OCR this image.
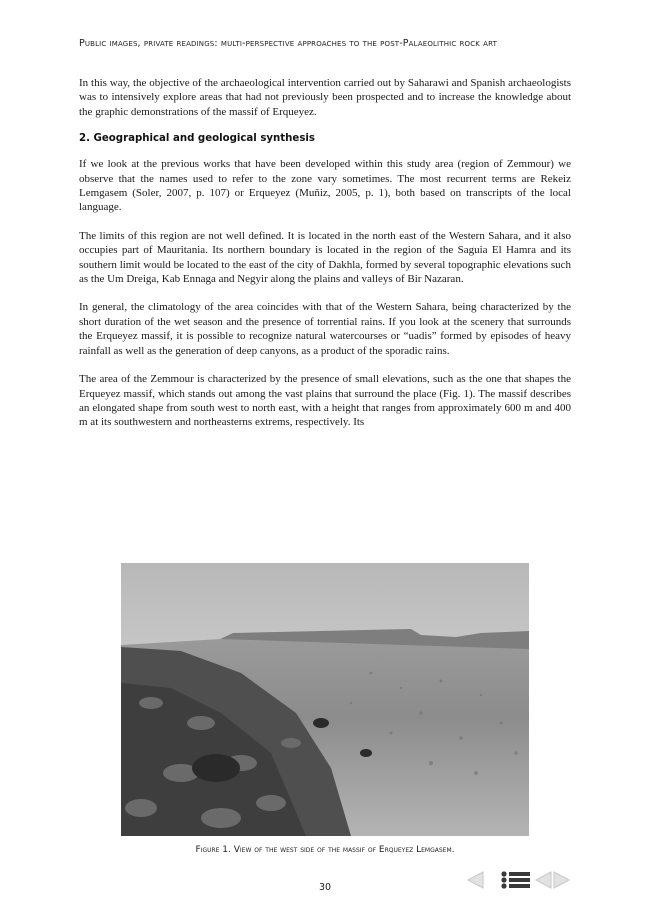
Public images, private readings: multi-perspective approaches to the post-Palaeolithic rock art

In this way, the objective of the archaeological intervention carried out by Saharawi and Spanish archaeologists was to intensively explore areas that had not previously been prospected and to increase the knowledge about the graphic demonstrations of the massif of Erqueyez.

2. Geographical and geological synthesis

If we look at the previous works that have been developed within this study area (region of Zemmour) we observe that the names used to refer to the zone vary sometimes. The most recurrent terms are Rekeiz Lemgasem (Soler, 2007, p. 107) or Erqueyez (Muñiz, 2005, p. 1), both based on transcripts of the local language.

The limits of this region are not well defined. It is located in the north east of the Western Sahara, and it also occupies part of Mauritania. Its northern boundary is located in the region of the Saguia El Hamra and its southern limit would be located to the east of the city of Dakhla, formed by several topographic elevations such as the Um Dreiga, Kab Ennaga and Negyir along the plains and valleys of Bir Nazaran.

In general, the climatology of the area coincides with that of the Western Sahara, being characterized by the short duration of the wet season and the presence of torrential rains. If you look at the scenery that surrounds the Erqueyez massif, it is possible to recognize natural watercourses or “uadis” formed by episodes of heavy rainfall as well as the generation of deep canyons, as a product of the sporadic rains.

The area of the Zemmour is characterized by the presence of small elevations, such as the one that shapes the Erqueyez massif, which stands out among the vast plains that surround the place (Fig. 1). The massif describes an elongated shape from south west to north east, with a height that ranges from approximately 600 m and 400 m at its southwestern and northeasterns extrems, respectively. Its

Figure 1. View of the west side of the massif of Erqueyez Lemgasem.
30
